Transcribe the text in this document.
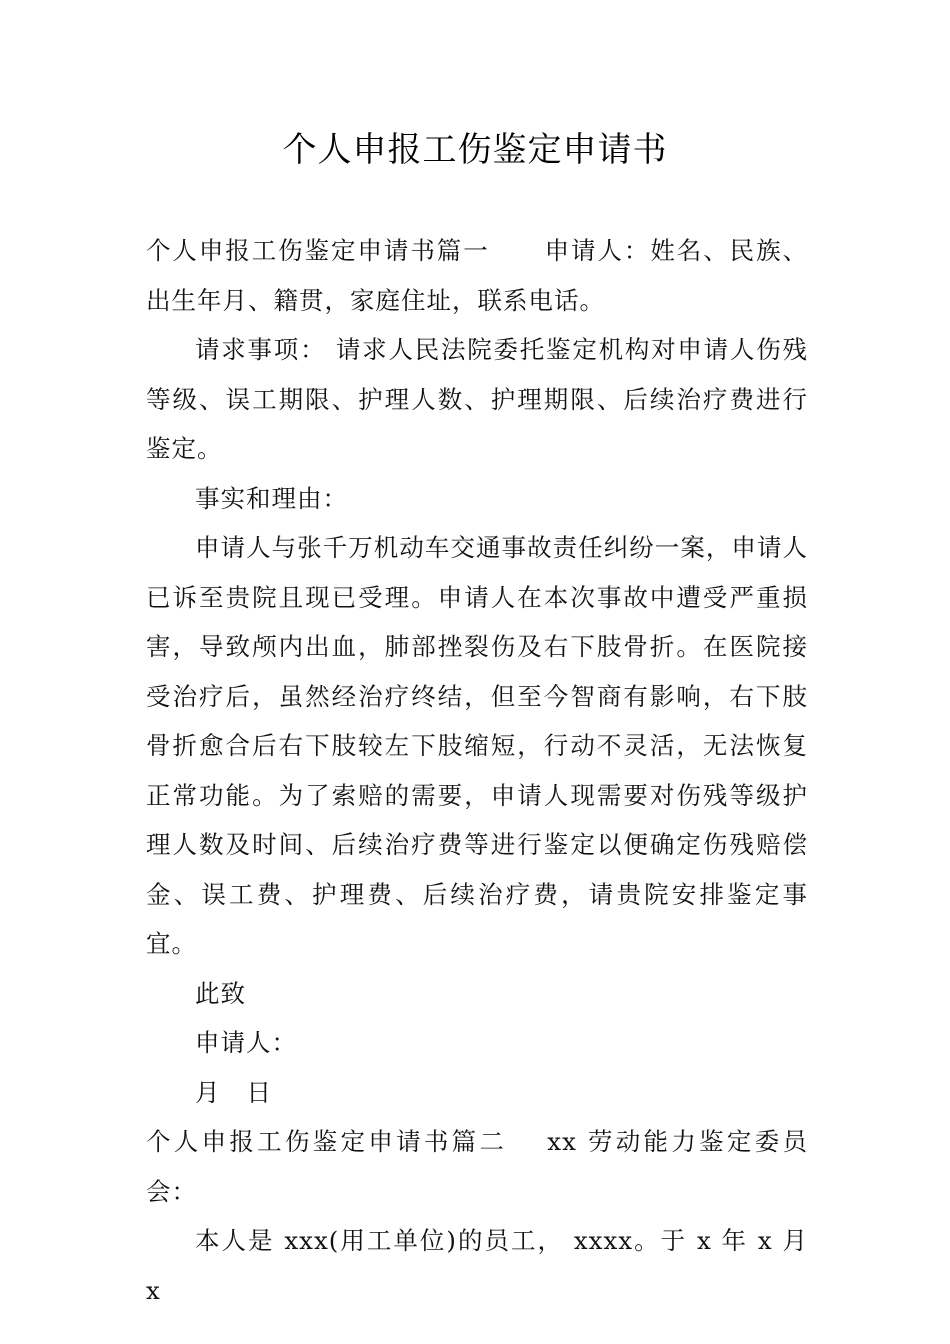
个人申报工伤鉴定申请书

个人申报工伤鉴定申请书篇一 申请人：姓名、民族、出生年月、籍贯，家庭住址，联系电话。

请求事项： 请求人民法院委托鉴定机构对申请人伤残等级、误工期限、护理人数、护理期限、后续治疗费进行鉴定。

事实和理由：

申请人与张千万机动车交通事故责任纠纷一案，申请人已诉至贵院且现已受理。申请人在本次事故中遭受严重损害，导致颅内出血，肺部挫裂伤及右下肢骨折。在医院接受治疗后，虽然经治疗终结，但至今智商有影响，右下肢骨折愈合后右下肢较左下肢缩短，行动不灵活，无法恢复正常功能。为了索赔的需要，申请人现需要对伤残等级护理人数及时间、后续治疗费等进行鉴定以便确定伤残赔偿金、误工费、护理费、后续治疗费，请贵院安排鉴定事宜。

此致

申请人：

月 日

个人申报工伤鉴定申请书篇二 xx 劳动能力鉴定委员会：

本人是 xxx(用工单位)的员工， xxxx。于 x 年 x 月 x
